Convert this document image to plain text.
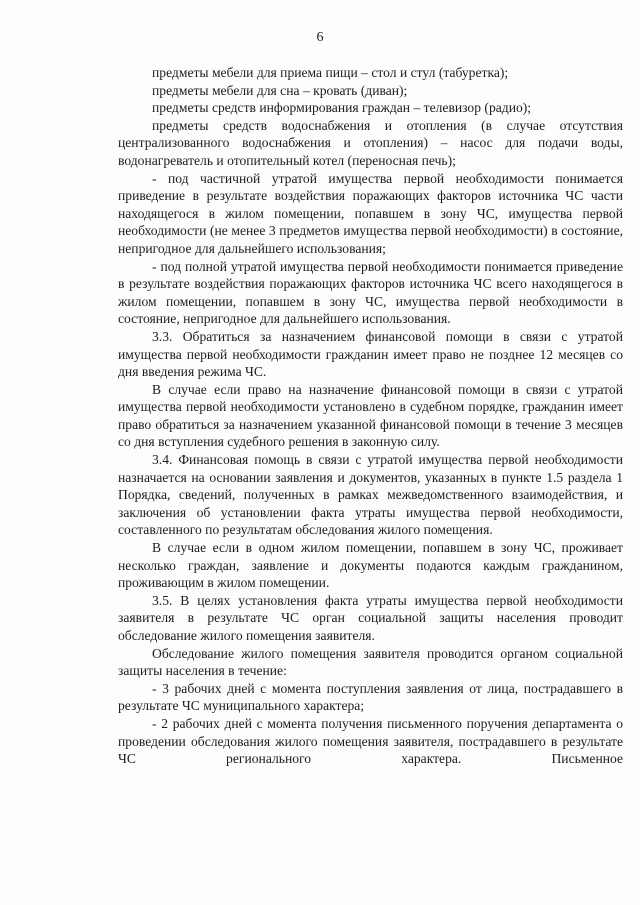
6

предметы мебели для приема пищи – стол и стул (табуретка);

предметы мебели для сна – кровать (диван);

предметы средств информирования граждан – телевизор (радио);

предметы средств водоснабжения и отопления (в случае отсутствия централизованного водоснабжения и отопления) – насос для подачи воды, водонагреватель и отопительный котел (переносная печь);

- под частичной утратой имущества первой необходимости понимается приведение в результате воздействия поражающих факторов источника ЧС части находящегося в жилом помещении, попавшем в зону ЧС, имущества первой необходимости (не менее 3 предметов имущества первой необходимости) в состояние, непригодное для дальнейшего использования;

- под полной утратой имущества первой необходимости понимается приведение в результате воздействия поражающих факторов источника ЧС всего находящегося в жилом помещении, попавшем в зону ЧС, имущества первой необходимости в состояние, непригодное для дальнейшего использования.

3.3. Обратиться за назначением финансовой помощи в связи с утратой имущества первой необходимости гражданин имеет право не позднее 12 месяцев со дня введения режима ЧС.

В случае если право на назначение финансовой помощи в связи с утратой имущества первой необходимости установлено в судебном порядке, гражданин имеет право обратиться за назначением указанной финансовой помощи в течение 3 месяцев со дня вступления судебного решения в законную силу.

3.4. Финансовая помощь в связи с утратой имущества первой необходимости назначается на основании заявления и документов, указанных в пункте 1.5 раздела 1 Порядка, сведений, полученных в рамках межведомственного взаимодействия, и заключения об установлении факта утраты имущества первой необходимости, составленного по результатам обследования жилого помещения.

В случае если в одном жилом помещении, попавшем в зону ЧС, проживает несколько граждан, заявление и документы подаются каждым гражданином, проживающим в жилом помещении.

3.5. В целях установления факта утраты имущества первой необходимости заявителя в результате ЧС орган социальной защиты населения проводит обследование жилого помещения заявителя.

Обследование жилого помещения заявителя проводится органом социальной защиты населения в течение:

- 3 рабочих дней с момента поступления заявления от лица, пострадавшего в результате ЧС муниципального характера;

- 2 рабочих дней с момента получения письменного поручения департамента о проведении обследования жилого помещения заявителя, пострадавшего в результате ЧС регионального характера. Письменное
